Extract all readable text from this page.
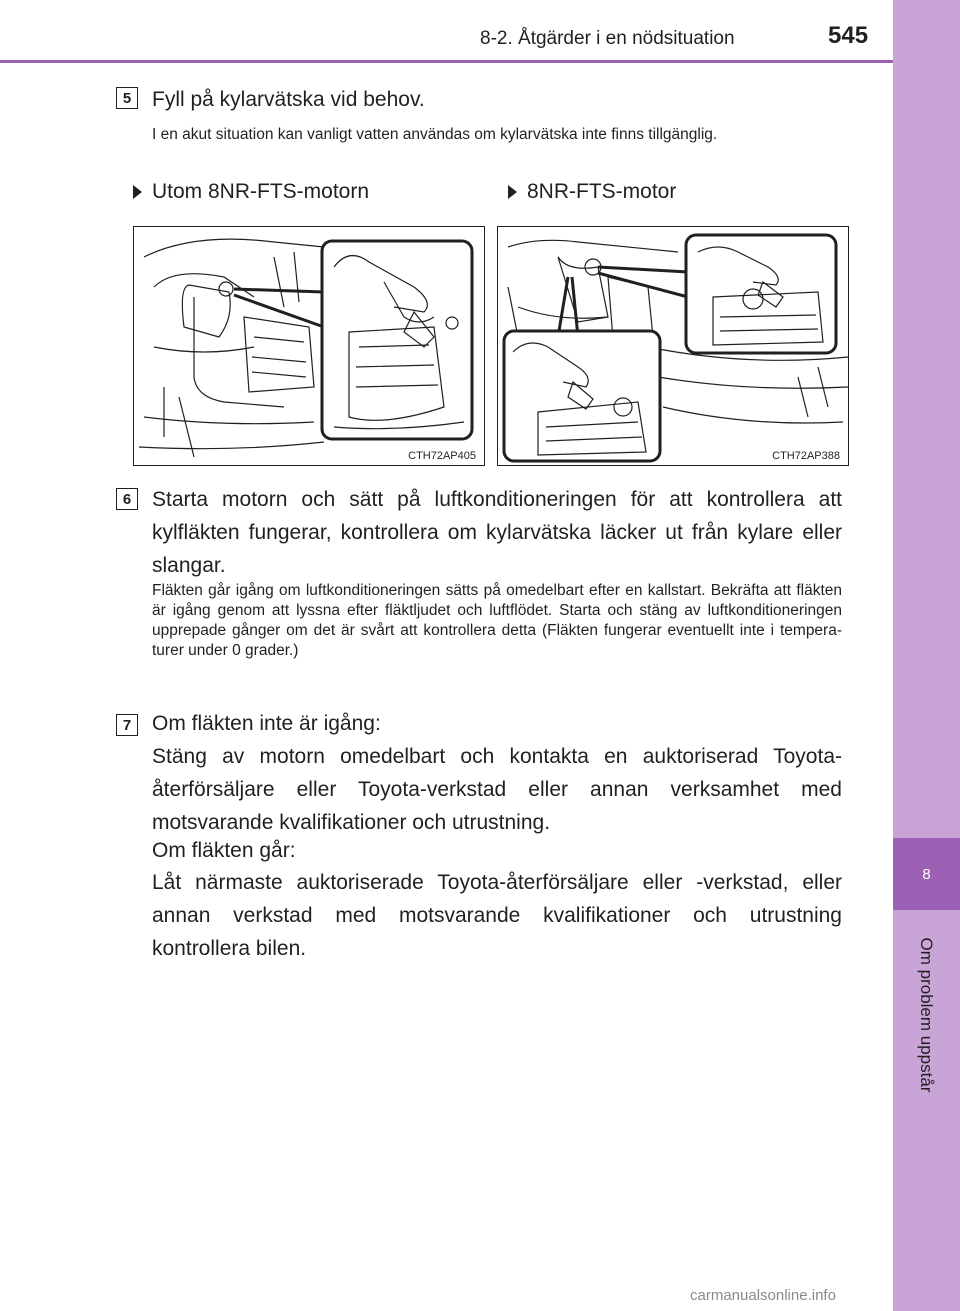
8
Om problem uppstår
8-2. Åtgärder i en nödsituation	545
5 Fyll på kylarvätska vid behov.

I en akut situation kan vanligt vatten användas om kylarvätska inte finns tillgänglig.

Utom 8NR-FTS-motorn	8NR-FTS-motor
CTH72AP405	CTH72AP388
6 Starta motorn och sätt på luftkonditioneringen för att kontrollera att kylfläkten fungerar, kontrollera om kylarvätska läcker ut från kylare eller slangar.

Fläkten går igång om luftkonditioneringen sätts på omedelbart efter en kallstart. Bekräfta att fläkten är igång genom att lyssna efter fläktljudet och luftflödet. Starta och stäng av luftkonditioneringen upprepade gånger om det är svårt att kontrollera detta (Fläkten fungerar eventuellt inte i tempera-turer under 0 grader.)

7 Om fläkten inte är igång:

Stäng av motorn omedelbart och kontakta en auktoriserad Toyota-återförsäljare eller Toyota-verkstad eller annan verksamhet med motsvarande kvalifikationer och utrustning.

Om fläkten går:

Låt närmaste auktoriserade Toyota-återförsäljare eller -verkstad, eller annan verkstad med motsvarande kvalifikationer och utrustning kontrollera bilen.

carmanualsonline.info
